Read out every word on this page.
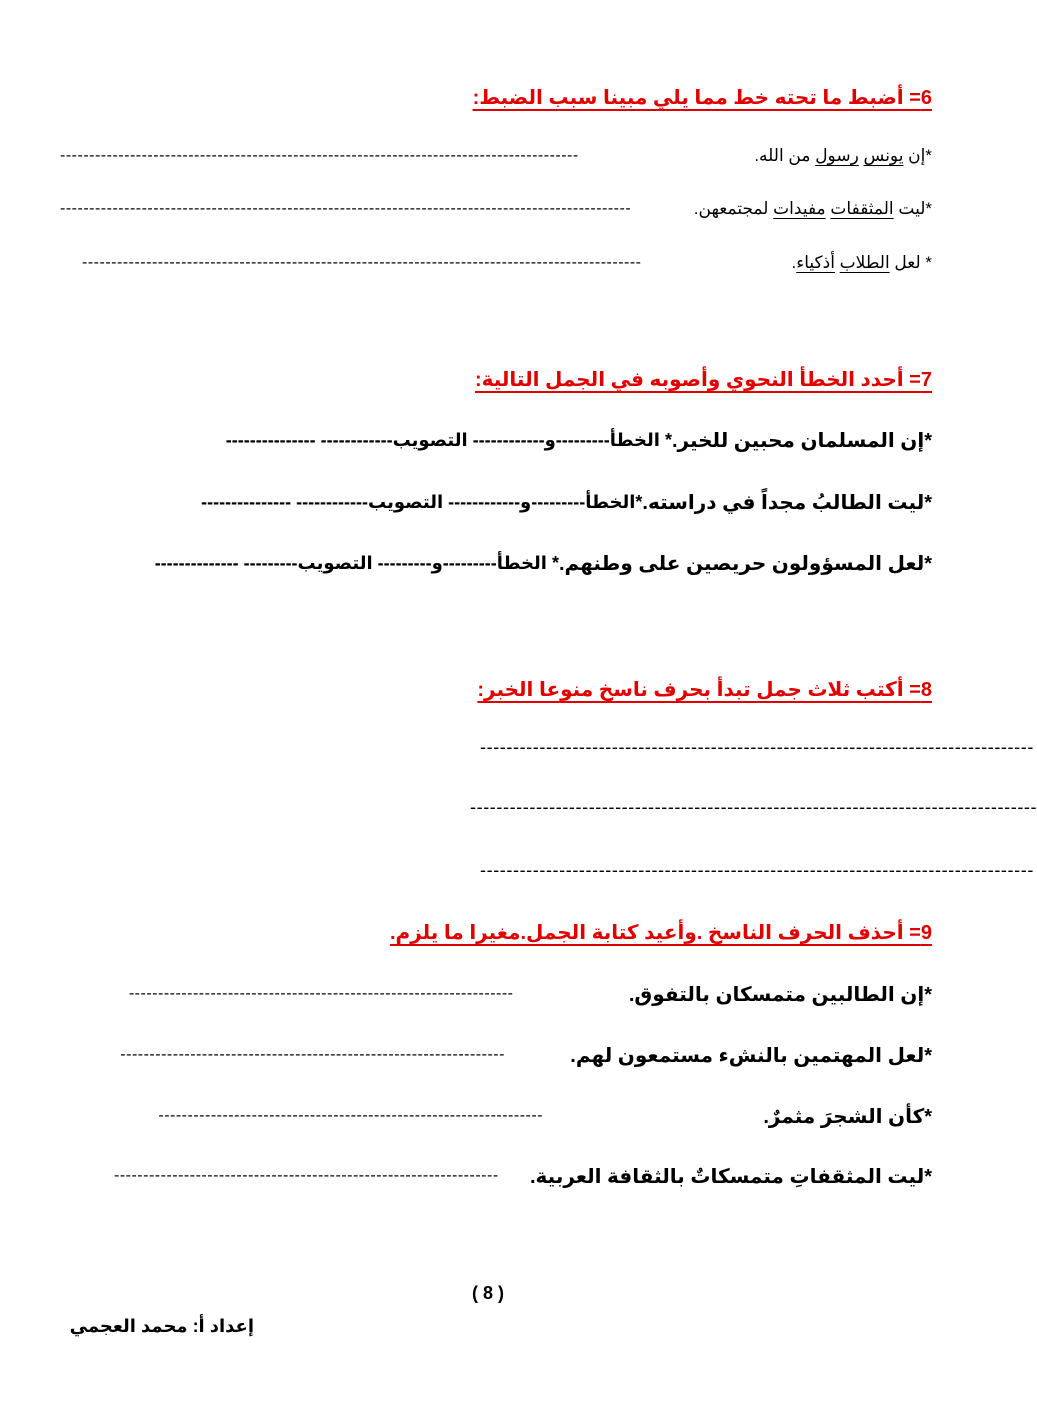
6= أضبط ما تحته خط مما يلي مبينا سبب الضبط:
*إن يونس رسول من الله.
-----------------------------------------------------------------------------------------
*ليت المثقفات مفيدات لمجتمعهن.
--------------------------------------------------------------------------------------------------
* لعل الطلاب أذكياء.
------------------------------------------------------------------------------------------------
7= أحدد الخطأ النحوي وأصوبه في الجمل التالية:
*إن المسلمان محبين للخير.
* الخطأ---------و------------ التصويب------------ ---------------
*ليت الطالبُ مجداً في دراسته.
*الخطأ---------و------------ التصويب------------ ---------------
*لعل المسؤولون حريصين على وطنهم.
* الخطأ---------و--------- التصويب--------- --------------
8= أكتب ثلاث جمل تبدأ بحرف ناسخ منوعا الخبر:
------------------------------------------------------------------------------------
--------------------------------------------------------------------------------------
------------------------------------------------------------------------------------
9= أحذف الحرف الناسخ .وأعيد كتابة الجمل.مغيرا ما يلزم.
*إن الطالبين متمسكان بالتفوق.
------------------------------------------------------------------
*لعل المهتمين بالنشء مستمعون لهم.
------------------------------------------------------------------
*كأن الشجرَ مثمرٌ.
------------------------------------------------------------------
*ليت المثقفاتِ متمسكاتٌ بالثقافة العربية.
------------------------------------------------------------------
( 8 )
إعداد أ: محمد العجمي
